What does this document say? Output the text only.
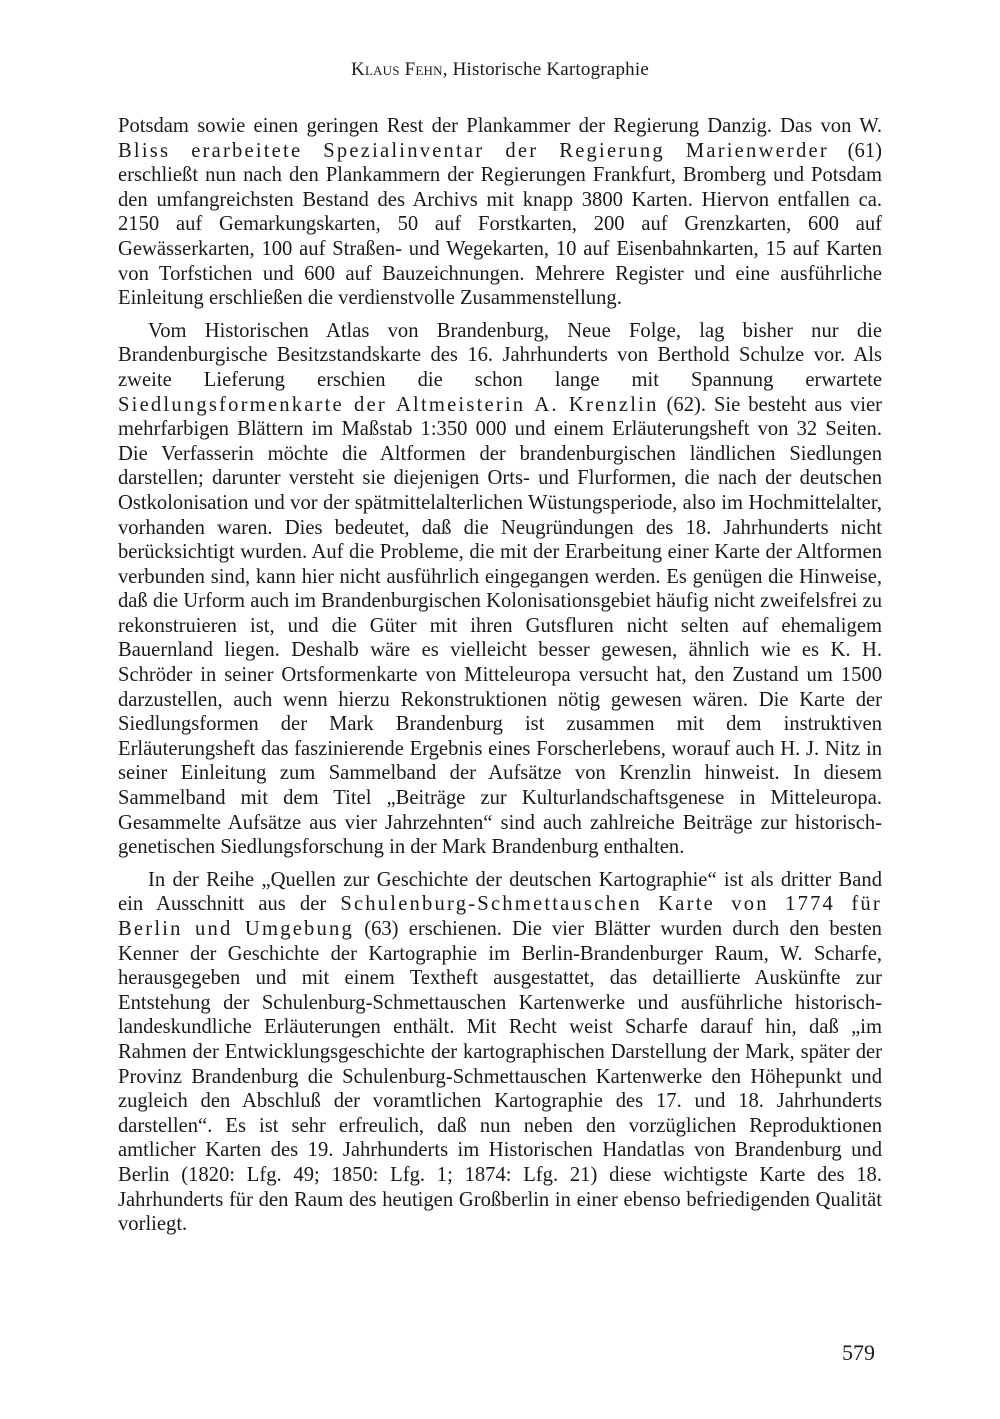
Klaus Fehn, Historische Kartographie

Potsdam sowie einen geringen Rest der Plankammer der Regierung Danzig. Das von W. Bliss erarbeitete Spezialinventar der Regierung Marienwerder (61) erschließt nun nach den Plankammern der Regierungen Frankfurt, Bromberg und Potsdam den umfangreichsten Bestand des Archivs mit knapp 3800 Karten. Hiervon entfallen ca. 2150 auf Gemarkungskarten, 50 auf Forstkarten, 200 auf Grenzkarten, 600 auf Gewässerkarten, 100 auf Straßen- und Wegekarten, 10 auf Eisenbahnkarten, 15 auf Karten von Torfstichen und 600 auf Bauzeichnungen. Mehrere Register und eine ausführliche Einleitung erschließen die verdienstvolle Zusammenstellung.

Vom Historischen Atlas von Brandenburg, Neue Folge, lag bisher nur die Brandenburgische Besitzstandskarte des 16. Jahrhunderts von Berthold Schulze vor. Als zweite Lieferung erschien die schon lange mit Spannung erwartete Siedlungsformenkarte der Altmeisterin A. Krenzlin (62). Sie besteht aus vier mehrfarbigen Blättern im Maßstab 1:350 000 und einem Erläuterungsheft von 32 Seiten. Die Verfasserin möchte die Altformen der brandenburgischen ländlichen Siedlungen darstellen; darunter versteht sie diejenigen Orts- und Flurformen, die nach der deutschen Ostkolonisation und vor der spätmittelalterlichen Wüstungsperiode, also im Hochmittelalter, vorhanden waren. Dies bedeutet, daß die Neugründungen des 18. Jahrhunderts nicht berücksichtigt wurden. Auf die Probleme, die mit der Erarbeitung einer Karte der Altformen verbunden sind, kann hier nicht ausführlich eingegangen werden. Es genügen die Hinweise, daß die Urform auch im Brandenburgischen Kolonisationsgebiet häufig nicht zweifelsfrei zu rekonstruieren ist, und die Güter mit ihren Gutsfluren nicht selten auf ehemaligem Bauernland liegen. Deshalb wäre es vielleicht besser gewesen, ähnlich wie es K. H. Schröder in seiner Ortsformenkarte von Mitteleuropa versucht hat, den Zustand um 1500 darzustellen, auch wenn hierzu Rekonstruktionen nötig gewesen wären. Die Karte der Siedlungsformen der Mark Brandenburg ist zusammen mit dem instruktiven Erläuterungsheft das faszinierende Ergebnis eines Forscherlebens, worauf auch H. J. Nitz in seiner Einleitung zum Sammelband der Aufsätze von Krenzlin hinweist. In diesem Sammelband mit dem Titel „Beiträge zur Kulturlandschaftsgenese in Mitteleuropa. Gesammelte Aufsätze aus vier Jahrzehnten“ sind auch zahlreiche Beiträge zur historisch-genetischen Siedlungsforschung in der Mark Brandenburg enthalten.

In der Reihe „Quellen zur Geschichte der deutschen Kartographie“ ist als dritter Band ein Ausschnitt aus der Schulenburg-Schmettauschen Karte von 1774 für Berlin und Umgebung (63) erschienen. Die vier Blätter wurden durch den besten Kenner der Geschichte der Kartographie im Berlin-Brandenburger Raum, W. Scharfe, herausgegeben und mit einem Textheft ausgestattet, das detaillierte Auskünfte zur Entstehung der Schulenburg-Schmettauschen Kartenwerke und ausführliche historisch-landeskundliche Erläuterungen enthält. Mit Recht weist Scharfe darauf hin, daß „im Rahmen der Entwicklungsgeschichte der kartographischen Darstellung der Mark, später der Provinz Brandenburg die Schulenburg-Schmettauschen Kartenwerke den Höhepunkt und zugleich den Abschluß der voramtlichen Kartographie des 17. und 18. Jahrhunderts darstellen“. Es ist sehr erfreulich, daß nun neben den vorzüglichen Reproduktionen amtlicher Karten des 19. Jahrhunderts im Historischen Handatlas von Brandenburg und Berlin (1820: Lfg. 49; 1850: Lfg. 1; 1874: Lfg. 21) diese wichtigste Karte des 18. Jahrhunderts für den Raum des heutigen Großberlin in einer ebenso befriedigenden Qualität vorliegt.

579
